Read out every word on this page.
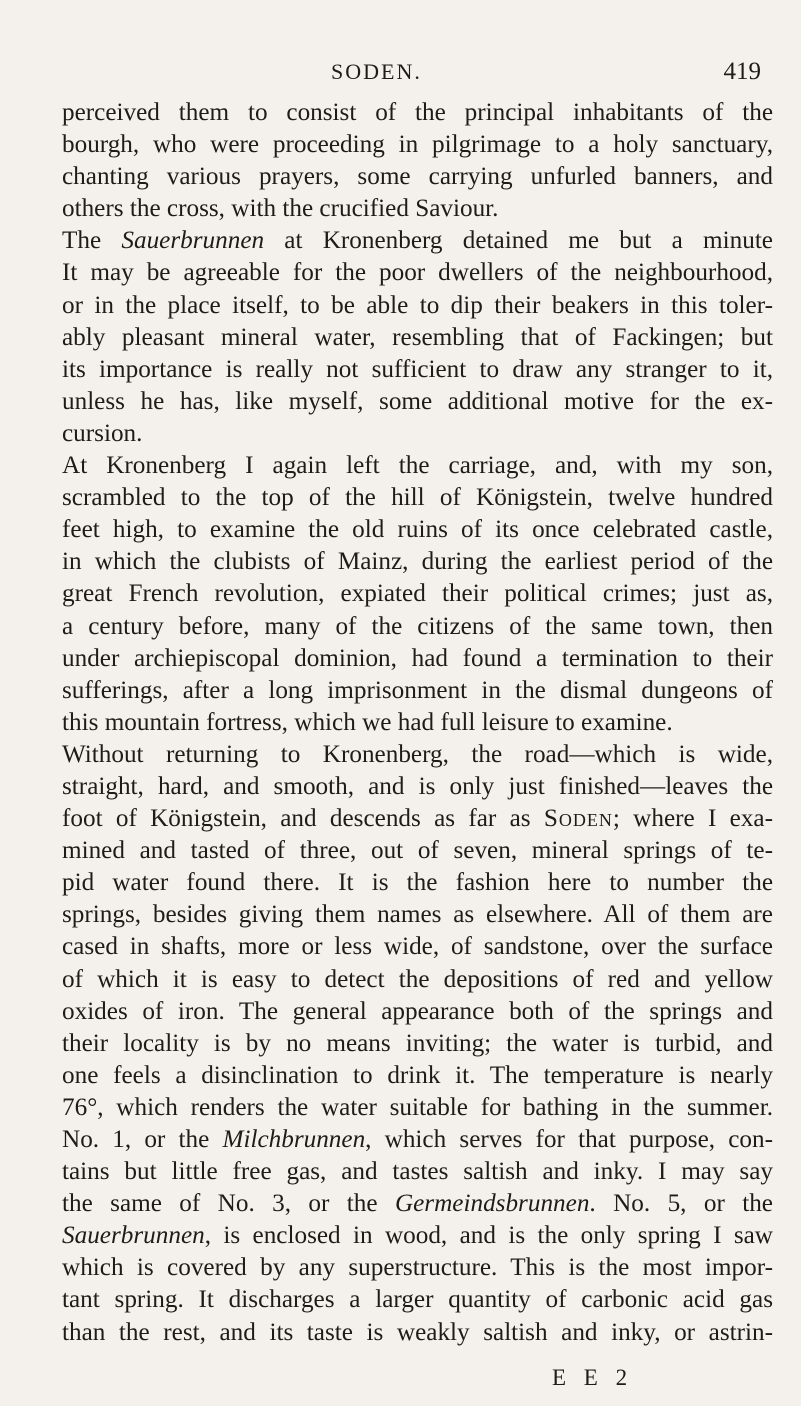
SODEN.	419
perceived them to consist of the principal inhabitants of the
bourgh, who were proceeding in pilgrimage to a holy sanctuary,
chanting various prayers, some carrying unfurled banners, and
others the cross, with the crucified Saviour.
The Sauerbrunnen at Kronenberg detained me but a minute
It may be agreeable for the poor dwellers of the neighbourhood,
or in the place itself, to be able to dip their beakers in this toler-
ably pleasant mineral water, resembling that of Fackingen; but
its importance is really not sufficient to draw any stranger to it,
unless he has, like myself, some additional motive for the ex-
cursion.
At Kronenberg I again left the carriage, and, with my son,
scrambled to the top of the hill of Königstein, twelve hundred
feet high, to examine the old ruins of its once celebrated castle,
in which the clubists of Mainz, during the earliest period of the
great French revolution, expiated their political crimes; just as,
a century before, many of the citizens of the same town, then
under archiepiscopal dominion, had found a termination to their
sufferings, after a long imprisonment in the dismal dungeons of
this mountain fortress, which we had full leisure to examine.
Without returning to Kronenberg, the road—which is wide,
straight, hard, and smooth, and is only just finished—leaves the
foot of Königstein, and descends as far as Soden; where I exa-
mined and tasted of three, out of seven, mineral springs of te-
pid water found there. It is the fashion here to number the
springs, besides giving them names as elsewhere. All of them are
cased in shafts, more or less wide, of sandstone, over the surface
of which it is easy to detect the depositions of red and yellow
oxides of iron. The general appearance both of the springs and
their locality is by no means inviting; the water is turbid, and
one feels a disinclination to drink it. The temperature is nearly
76°, which renders the water suitable for bathing in the summer.
No. 1, or the Milchbrunnen, which serves for that purpose, con-
tains but little free gas, and tastes saltish and inky. I may say
the same of No. 3, or the Germeindsbrunnen. No. 5, or the
Sauerbrunnen, is enclosed in wood, and is the only spring I saw
which is covered by any superstructure. This is the most impor-
tant spring. It discharges a larger quantity of carbonic acid gas
than the rest, and its taste is weakly saltish and inky, or astrin-
E E 2
